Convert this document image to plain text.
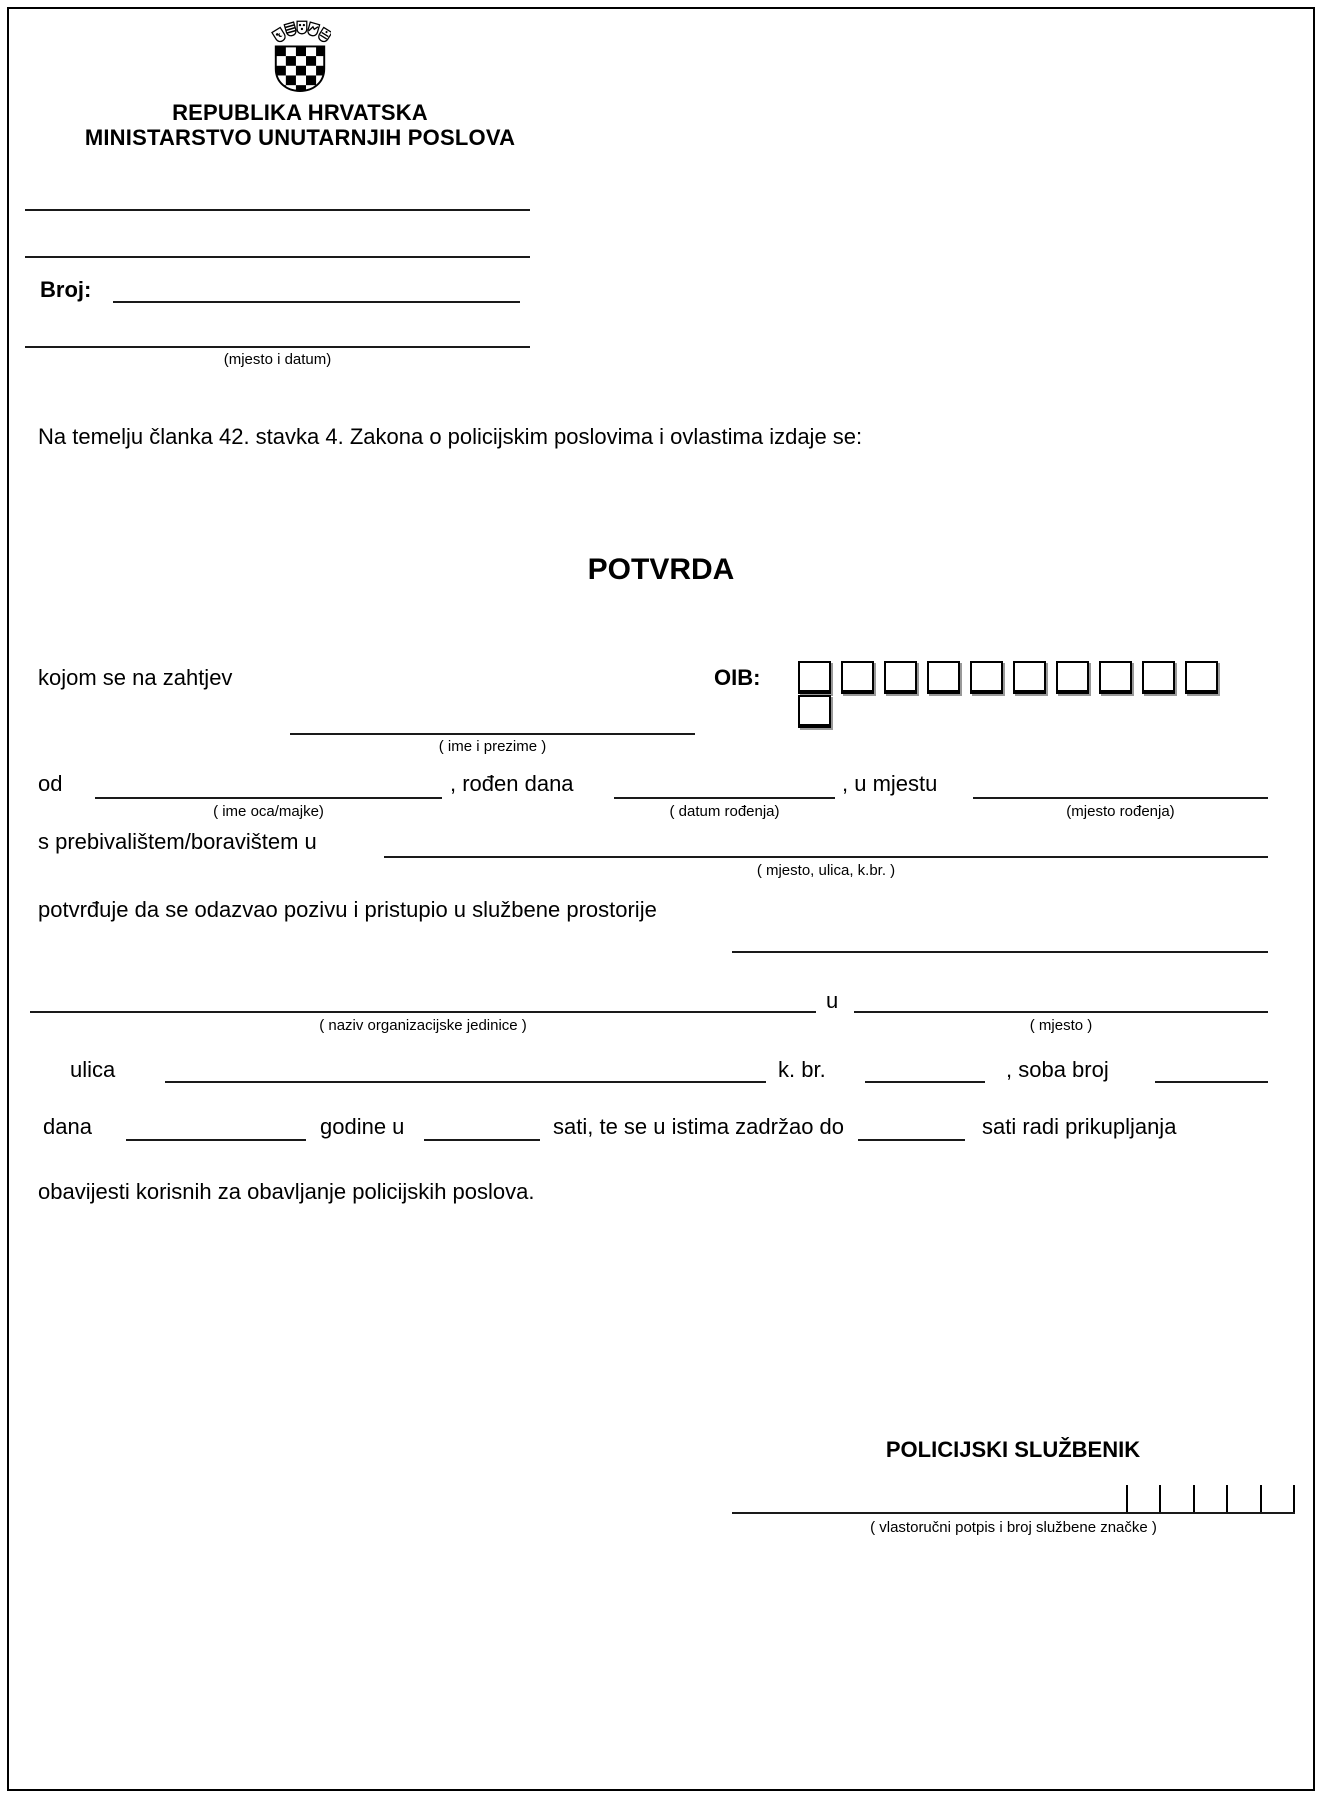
REPUBLIKA HRVATSKA
MINISTARSTVO UNUTARNJIH POSLOVA
Broj:
(mjesto i datum)
Na temelju članka 42. stavka 4. Zakona o policijskim poslovima i ovlastima izdaje se:
POTVRDA
kojom se na zahtjev	OIB:
( ime i prezime )
od
( ime oca/majke)
, rođen dana
( datum rođenja)
, u mjestu
(mjesto rođenja)
s prebivalištem/boravištem u
( mjesto, ulica, k.br. )
potvrđuje da se odazvao pozivu i pristupio u službene prostorije
( naziv organizacijske jedinice )
u
( mjesto )
ulica	k. br.	, soba broj
dana	godine u	sati, te se u istima zadržao do	sati radi prikupljanja
obavijesti korisnih za obavljanje policijskih poslova.
POLICIJSKI SLUŽBENIK
( vlastoručni potpis i broj službene značke )
